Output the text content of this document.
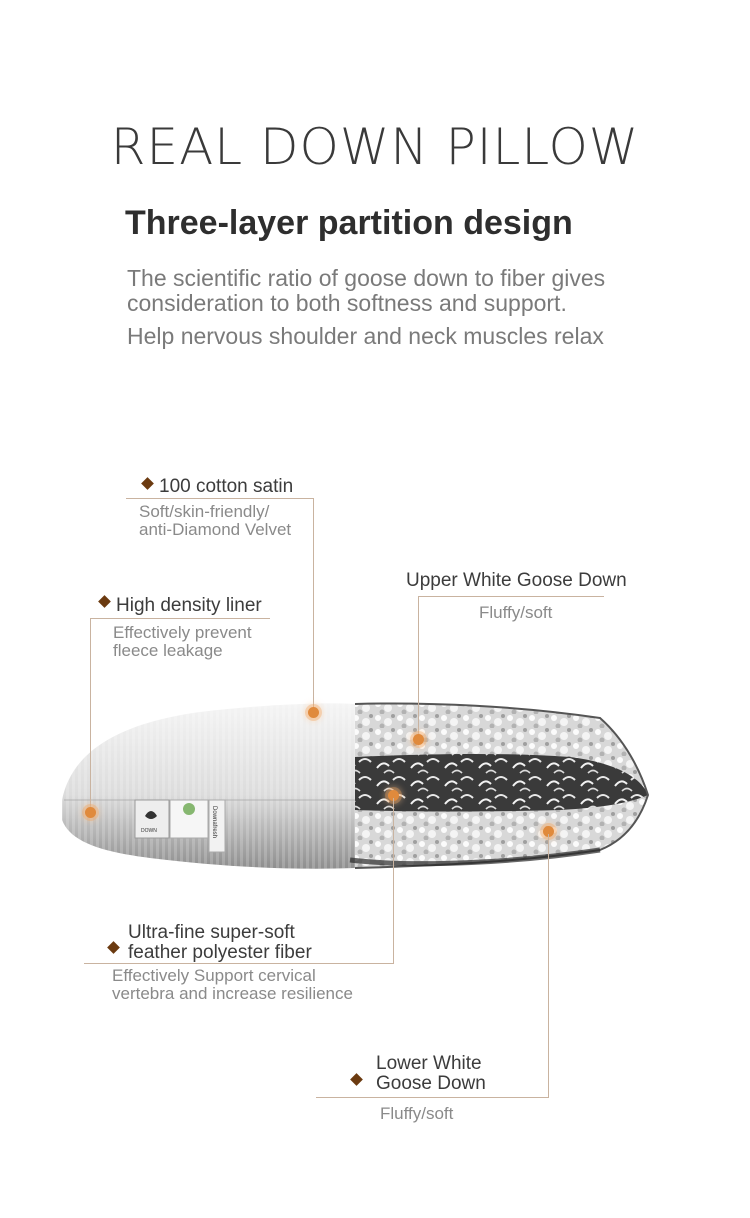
REAL DOWN PILLOW
Three-layer partition design
The scientific ratio of goose down to fiber gives consideration to both softness and support.
Help nervous shoulder and neck muscles relax
DOWN	Downafresh
100 cotton satin
Soft/skin-friendly/
anti-Diamond Velvet
High density liner
Effectively prevent
fleece leakage
Upper White Goose Down
Fluffy/soft
Ultra-fine super-soft
feather polyester fiber
Effectively Support cervical
vertebra and increase resilience
Lower White
Goose Down
Fluffy/soft
